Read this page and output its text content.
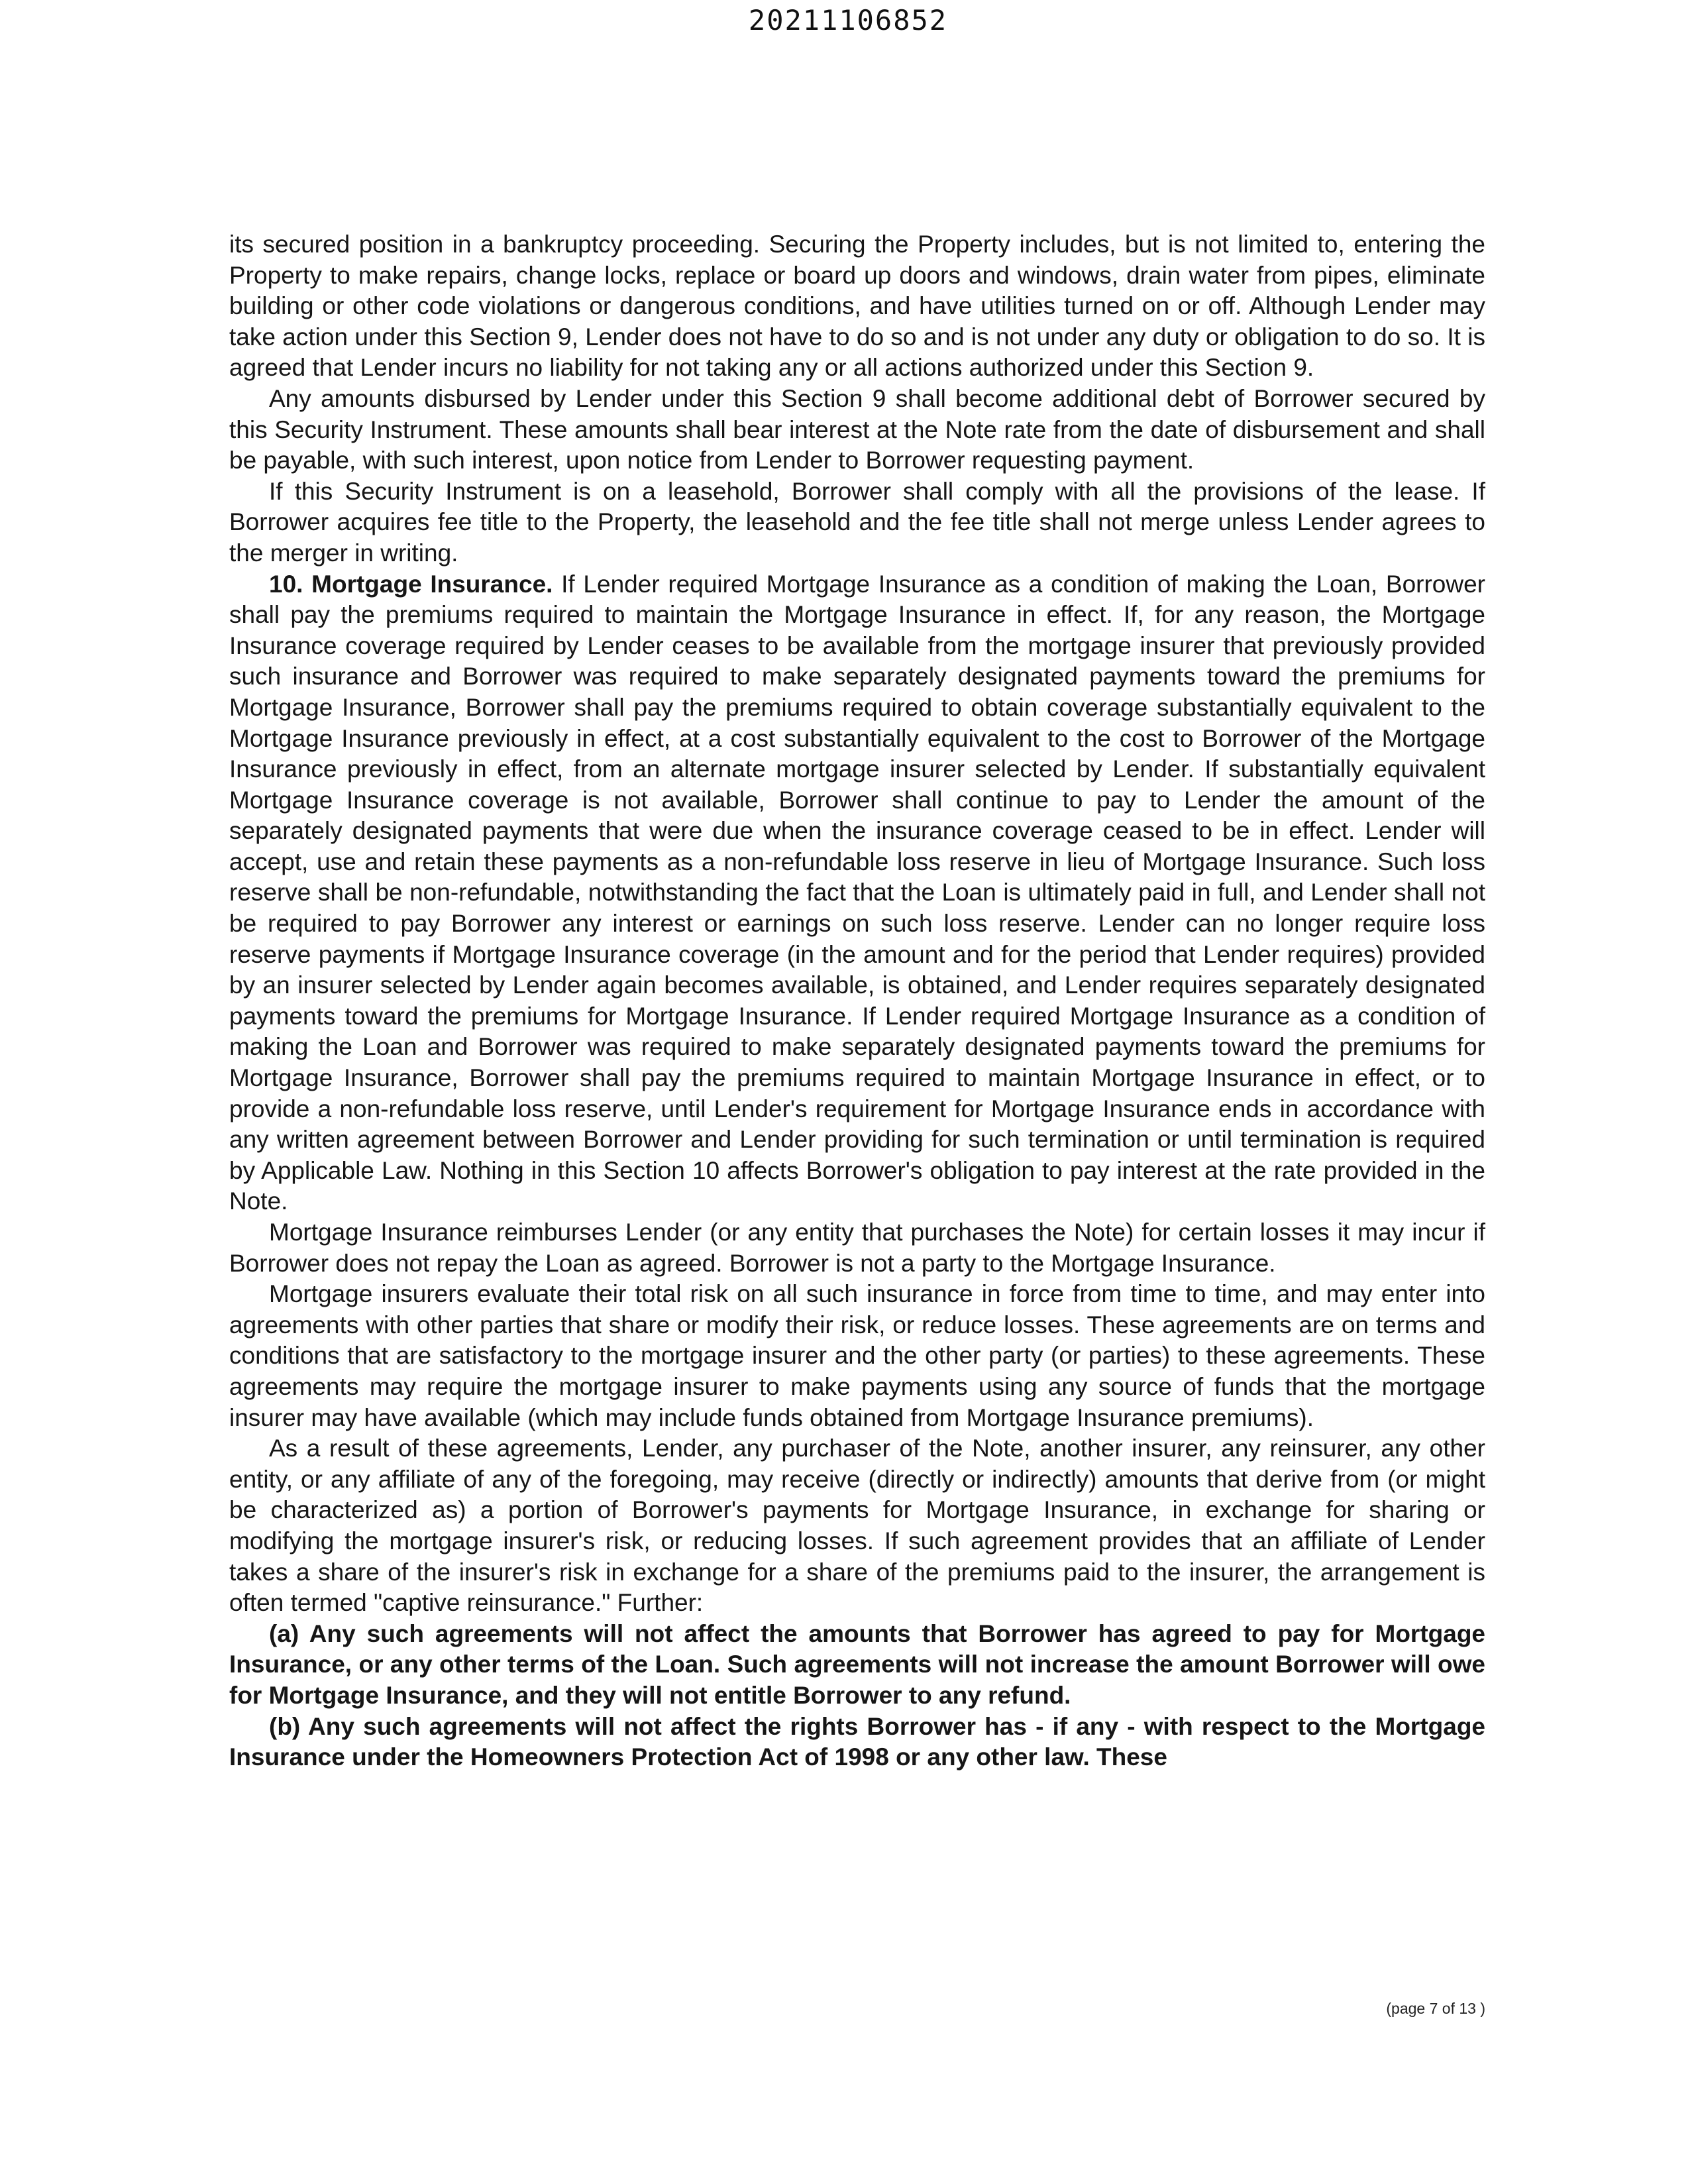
20211106852

its secured position in a bankruptcy proceeding. Securing the Property includes, but is not limited to, entering the Property to make repairs, change locks, replace or board up doors and windows, drain water from pipes, eliminate building or other code violations or dangerous conditions, and have utilities turned on or off. Although Lender may take action under this Section 9, Lender does not have to do so and is not under any duty or obligation to do so. It is agreed that Lender incurs no liability for not taking any or all actions authorized under this Section 9.

Any amounts disbursed by Lender under this Section 9 shall become additional debt of Borrower secured by this Security Instrument. These amounts shall bear interest at the Note rate from the date of disbursement and shall be payable, with such interest, upon notice from Lender to Borrower requesting payment.

If this Security Instrument is on a leasehold, Borrower shall comply with all the provisions of the lease. If Borrower acquires fee title to the Property, the leasehold and the fee title shall not merge unless Lender agrees to the merger in writing.

10. Mortgage Insurance. If Lender required Mortgage Insurance as a condition of making the Loan, Borrower shall pay the premiums required to maintain the Mortgage Insurance in effect. If, for any reason, the Mortgage Insurance coverage required by Lender ceases to be available from the mortgage insurer that previously provided such insurance and Borrower was required to make separately designated payments toward the premiums for Mortgage Insurance, Borrower shall pay the premiums required to obtain coverage substantially equivalent to the Mortgage Insurance previously in effect, at a cost substantially equivalent to the cost to Borrower of the Mortgage Insurance previously in effect, from an alternate mortgage insurer selected by Lender. If substantially equivalent Mortgage Insurance coverage is not available, Borrower shall continue to pay to Lender the amount of the separately designated payments that were due when the insurance coverage ceased to be in effect. Lender will accept, use and retain these payments as a non-refundable loss reserve in lieu of Mortgage Insurance. Such loss reserve shall be non-refundable, notwithstanding the fact that the Loan is ultimately paid in full, and Lender shall not be required to pay Borrower any interest or earnings on such loss reserve. Lender can no longer require loss reserve payments if Mortgage Insurance coverage (in the amount and for the period that Lender requires) provided by an insurer selected by Lender again becomes available, is obtained, and Lender requires separately designated payments toward the premiums for Mortgage Insurance. If Lender required Mortgage Insurance as a condition of making the Loan and Borrower was required to make separately designated payments toward the premiums for Mortgage Insurance, Borrower shall pay the premiums required to maintain Mortgage Insurance in effect, or to provide a non-refundable loss reserve, until Lender's requirement for Mortgage Insurance ends in accordance with any written agreement between Borrower and Lender providing for such termination or until termination is required by Applicable Law. Nothing in this Section 10 affects Borrower's obligation to pay interest at the rate provided in the Note.

Mortgage Insurance reimburses Lender (or any entity that purchases the Note) for certain losses it may incur if Borrower does not repay the Loan as agreed. Borrower is not a party to the Mortgage Insurance.

Mortgage insurers evaluate their total risk on all such insurance in force from time to time, and may enter into agreements with other parties that share or modify their risk, or reduce losses. These agreements are on terms and conditions that are satisfactory to the mortgage insurer and the other party (or parties) to these agreements. These agreements may require the mortgage insurer to make payments using any source of funds that the mortgage insurer may have available (which may include funds obtained from Mortgage Insurance premiums).

As a result of these agreements, Lender, any purchaser of the Note, another insurer, any reinsurer, any other entity, or any affiliate of any of the foregoing, may receive (directly or indirectly) amounts that derive from (or might be characterized as) a portion of Borrower's payments for Mortgage Insurance, in exchange for sharing or modifying the mortgage insurer's risk, or reducing losses. If such agreement provides that an affiliate of Lender takes a share of the insurer's risk in exchange for a share of the premiums paid to the insurer, the arrangement is often termed "captive reinsurance." Further:

(a) Any such agreements will not affect the amounts that Borrower has agreed to pay for Mortgage Insurance, or any other terms of the Loan. Such agreements will not increase the amount Borrower will owe for Mortgage Insurance, and they will not entitle Borrower to any refund.

(b) Any such agreements will not affect the rights Borrower has - if any - with respect to the Mortgage Insurance under the Homeowners Protection Act of 1998 or any other law. These

(page 7 of 13 )
